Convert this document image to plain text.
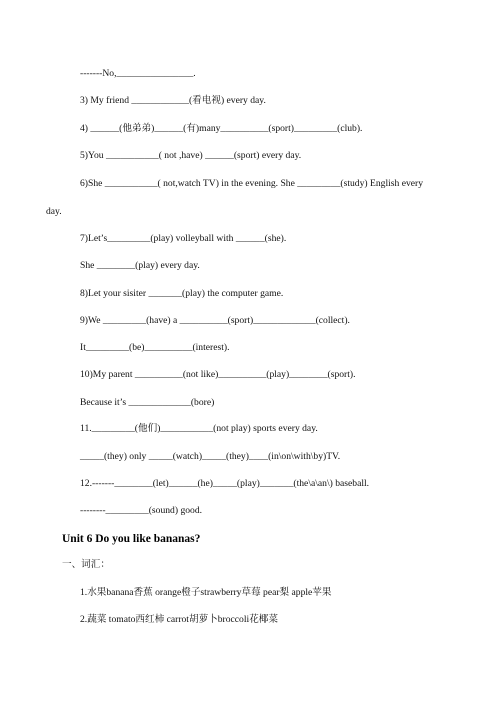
-------No,________________.
3) My friend ____________(看电视) every day.
4) ______(他弟弟)______(有)many__________(sport)_________(club).
5)You ___________( not ,have) ______(sport) every day.
6)She ___________( not,watch TV) in the evening. She _________(study) English every
day.
7)Let’s_________(play) volleyball with ______(she).
She ________(play) every day.
8)Let your sisiter _______(play) the computer game.
9)We _________(have) a __________(sport)_____________(collect).
It_________(be)__________(interest).
10)My parent __________(not like)__________(play)________(sport).
Because it’s _____________(bore)
11._________(他们)___________(not play) sports every day.
_____(they) only _____(watch)_____(they)____(in\on\with\by)TV.
12.-------________(let)______(he)_____(play)_______(the\a\an\) baseball.
--------_________(sound) good.
Unit 6 Do you like bananas?
一、词汇：
1.水果banana香蕉 orange橙子strawberry草莓 pear梨 apple苹果
2.蔬菜 tomato西红柿 carrot胡萝卜broccoli花椰菜
